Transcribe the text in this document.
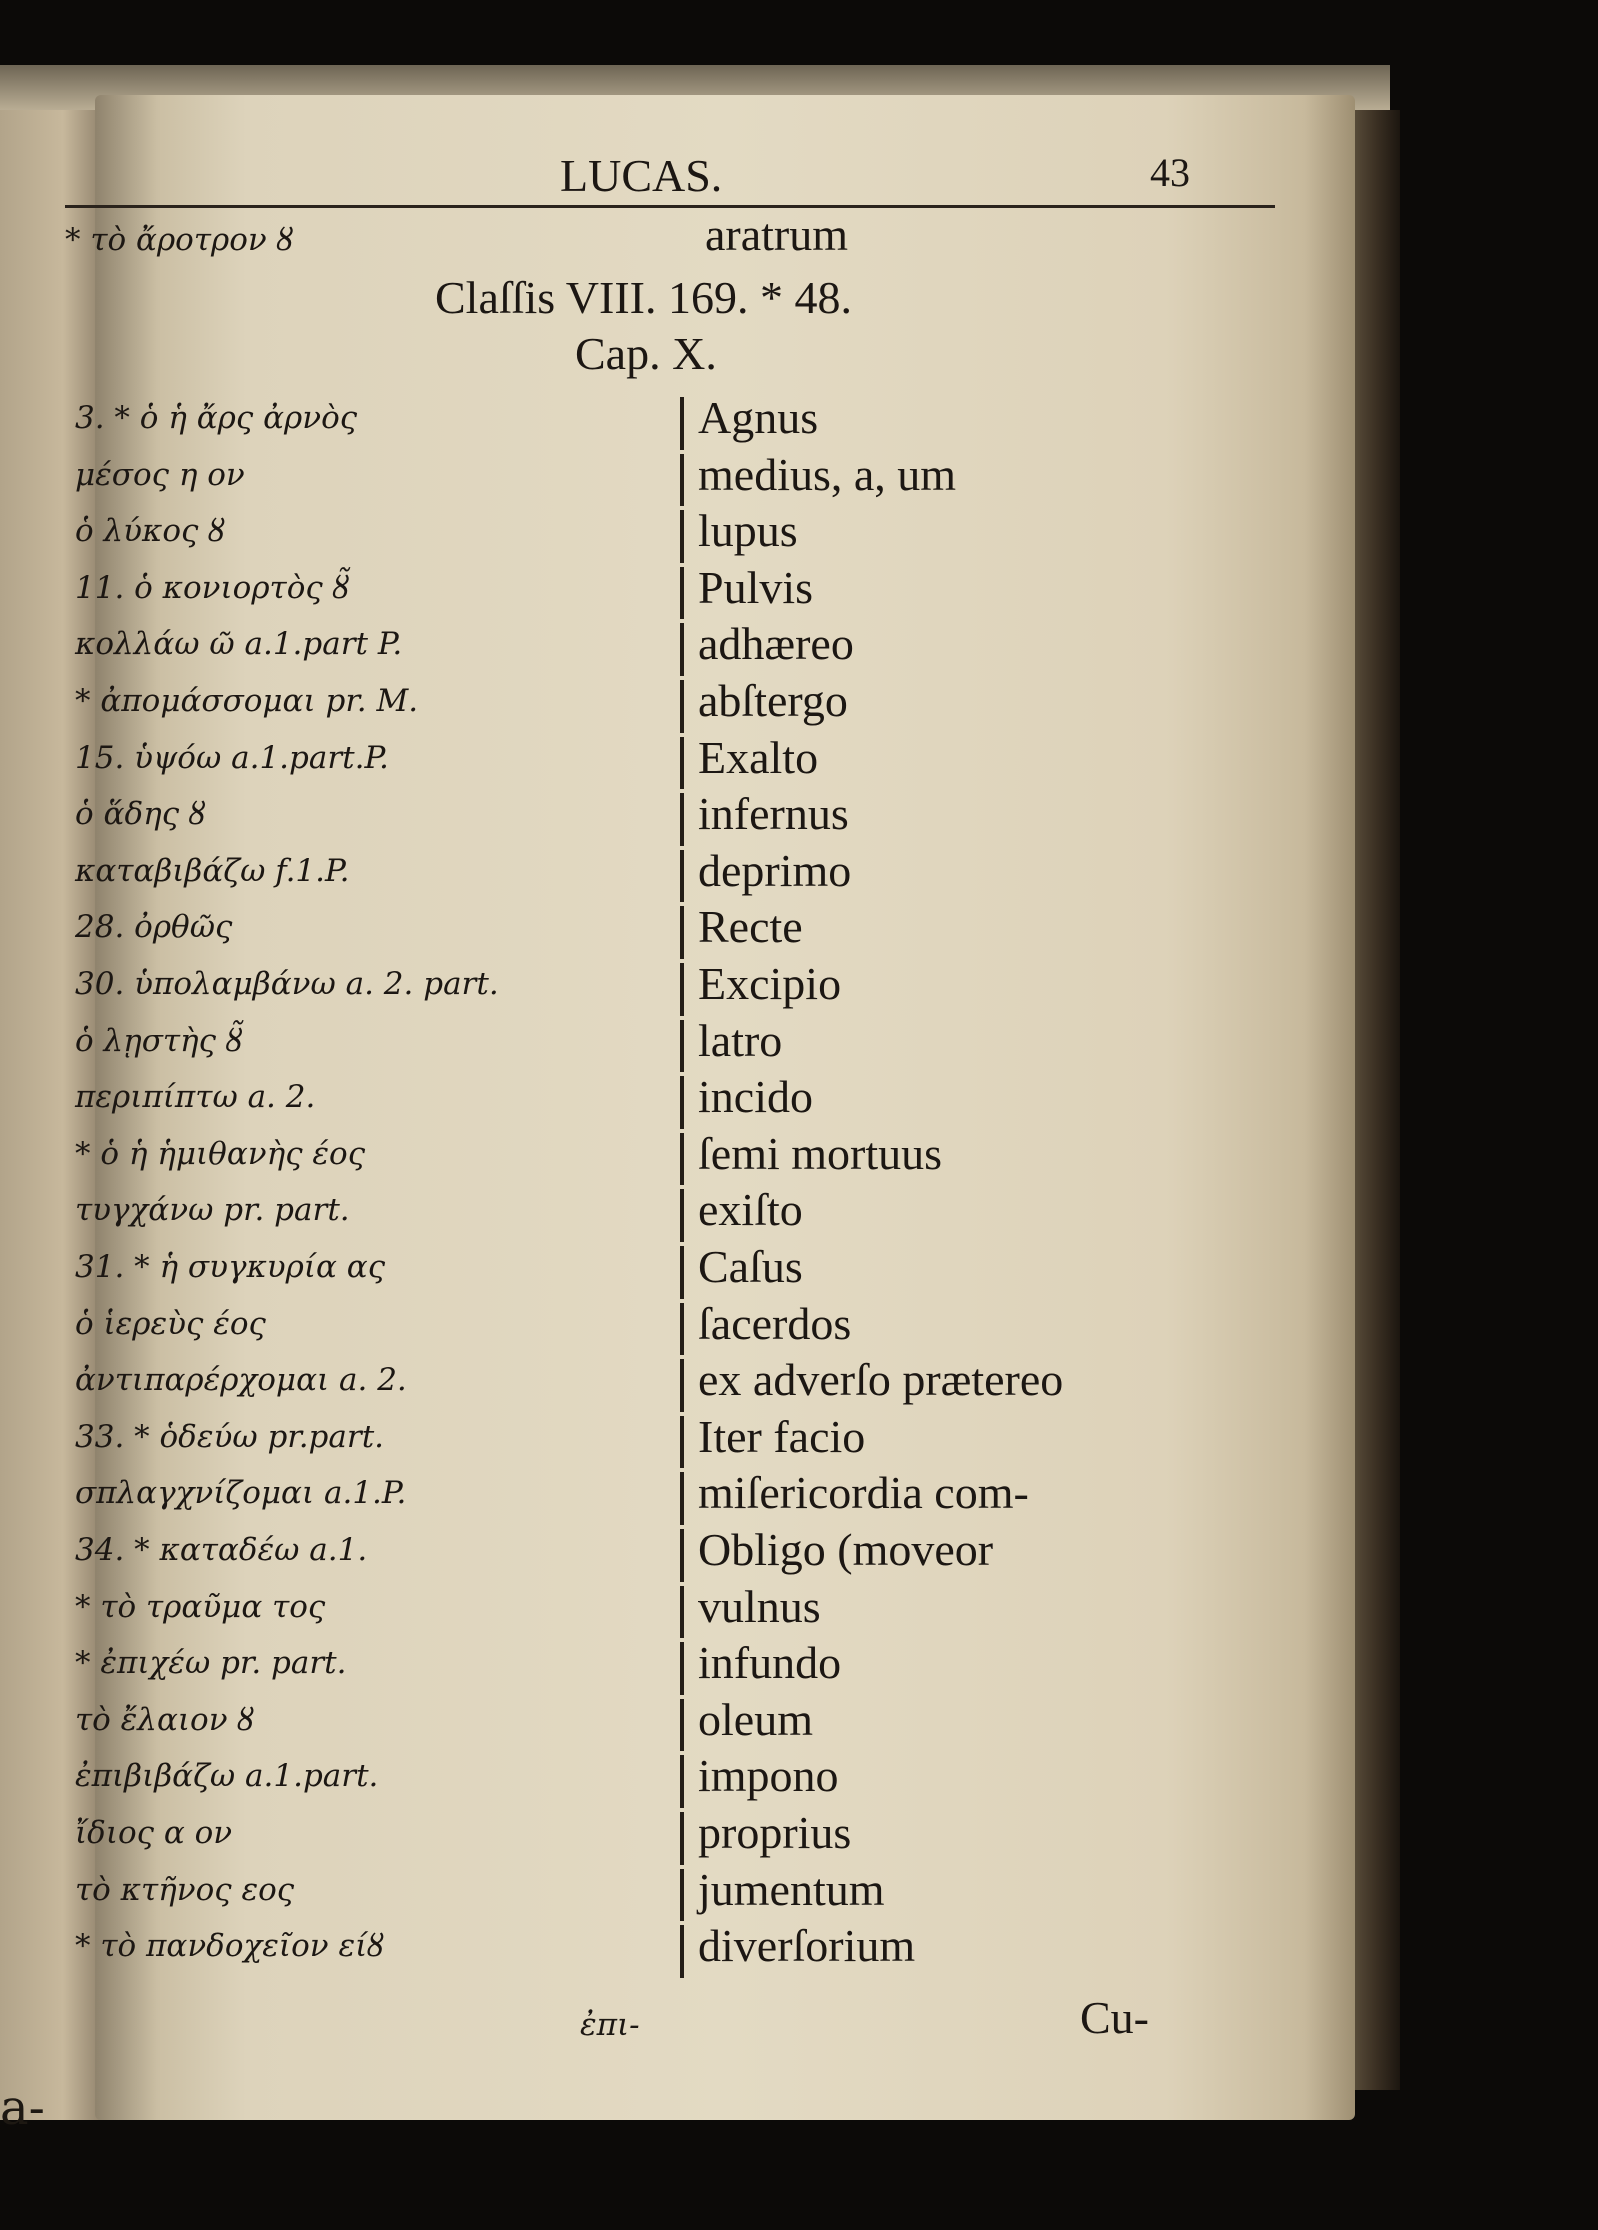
a-
LUCAS.	43
* τὸ ἄροτρον ȣ	aratrum
Claſſis VIII. 169. * 48.
Cap. X.
3. * ὁ ἡ ἄρς ἀρνὸς	Agnus
μέσος η ον	medius, a, um
ὁ λύκος ȣ	lupus
11. ὁ κονιορτὸς ȣ̃	Pulvis
κολλάω ῶ a.1.part P.	adhæreo
* ἀπομάσσομαι pr. M.	abſtergo
15. ὑψόω a.1.part.P.	Exalto
ὁ ἅδης ȣ	infernus
καταβιβάζω f.1.P.	deprimo
28. ὀρθῶς	Recte
30. ὑπολαμβάνω a. 2. part.	Excipio
ὁ λῃστὴς ȣ̃	latro
περιπίπτω a. 2.	incido
* ὁ ἡ ἡμιθανὴς έος	ſemi mortuus
τυγχάνω pr. part.	exiſto
31. * ἡ συγκυρία ας	Caſus
ὁ ἱερεὺς έος	ſacerdos
ἀντιπαρέρχομαι a. 2.	ex adverſo prætereo
33. * ὁδεύω pr.part.	Iter facio
σπλαγχνίζομαι a.1.P.	miſericordia com-
34. * καταδέω a.1.	Obligo (moveor
* τὸ τραῦμα τος	vulnus
* ἐπιχέω pr. part.	infundo
τὸ ἔλαιον ȣ	oleum
ἐπιβιβάζω a.1.part.	impono
ἴδιος α ον	proprius
τὸ κτῆνος εος	jumentum
* τὸ πανδοχεῖον είȣ	diverſorium
ἐπι-	Cu-
